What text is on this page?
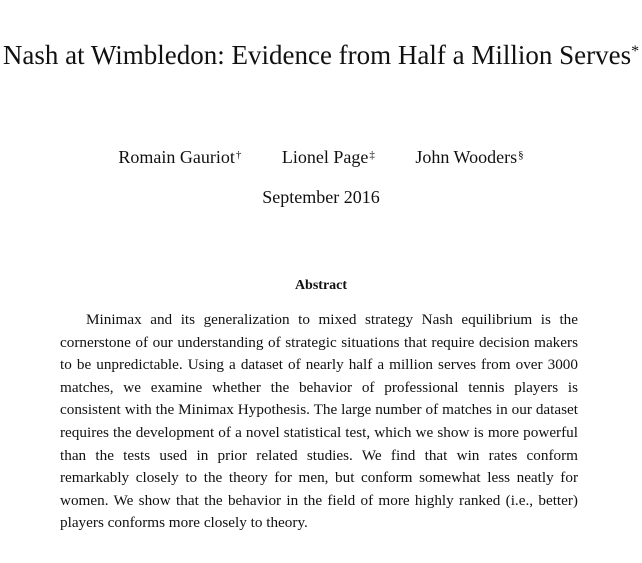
Nash at Wimbledon: Evidence from Half a Million Serves*
Romain Gauriot† Lionel Page‡ John Wooders§
September 2016
Abstract

Minimax and its generalization to mixed strategy Nash equilibrium is the cornerstone of our understanding of strategic situations that require decision makers to be unpredictable. Using a dataset of nearly half a million serves from over 3000 matches, we examine whether the behavior of professional tennis players is consistent with the Minimax Hypothesis. The large number of matches in our dataset requires the development of a novel statistical test, which we show is more powerful than the tests used in prior related studies. We find that win rates conform remarkably closely to the theory for men, but conform somewhat less neatly for women. We show that the behavior in the field of more highly ranked (i.e., better) players conforms more closely to theory.
